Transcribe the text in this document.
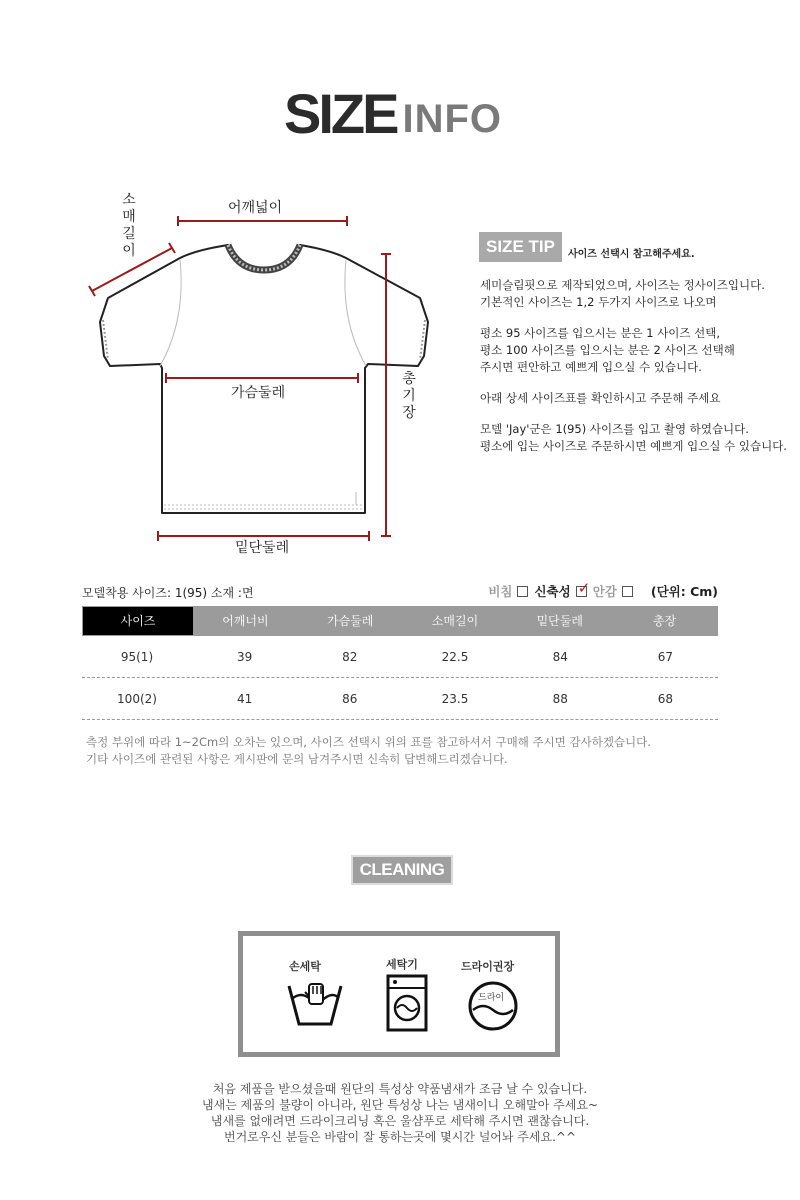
SIZE INFO
어깨넓이
소매길이
가슴둘레
총기장
밑단둘레
SIZE TIP	사이즈 선택시 참고해주세요.

세미슬림핏으로 제작되었으며, 사이즈는 정사이즈입니다.

기본적인 사이즈는 1,2 두가지 사이즈로 나오며

평소 95 사이즈를 입으시는 분은 1 사이즈 선택,

평소 100 사이즈를 입으시는 분은 2 사이즈 선택해

주시면 편안하고 예쁘게 입으실 수 있습니다.

아래 상세 사이즈표를 확인하시고 주문해 주세요

모델 'Jay'군은 1(95) 사이즈를 입고 촬영 하였습니다.

평소에 입는 사이즈로 주문하시면 예쁘게 입으실 수 있습니다.

모델착용 사이즈: 1(95) 소재 :면	비침 신축성 ✓ 안감	(단위: Cm)
사이즈	어깨너비	가슴둘레	소매길이	밑단둘레	총장
95(1)	39	82	22.5	84	67
100(2)	41	86	23.5	88	68

측정 부위에 따라 1~2Cm의 오차는 있으며, 사이즈 선택시 위의 표를 참고하셔서 구매해 주시면 감사하겠습니다.

기타 사이즈에 관련된 사항은 게시판에 문의 남겨주시면 신속히 답변해드리겠습니다.

CLEANING
손세탁	세탁기	드라이권장
드라이

처음 제품을 받으셨을때 원단의 특성상 약품냄새가 조금 날 수 있습니다.

냄새는 제품의 불량이 아니라, 원단 특성상 나는 냄새이니 오해말아 주세요~

냄새를 없애려면 드라이크리닝 혹은 울샴푸로 세탁해 주시면 괜찮습니다.

번거로우신 분들은 바람이 잘 통하는곳에 몇시간 널어놔 주세요.^^
